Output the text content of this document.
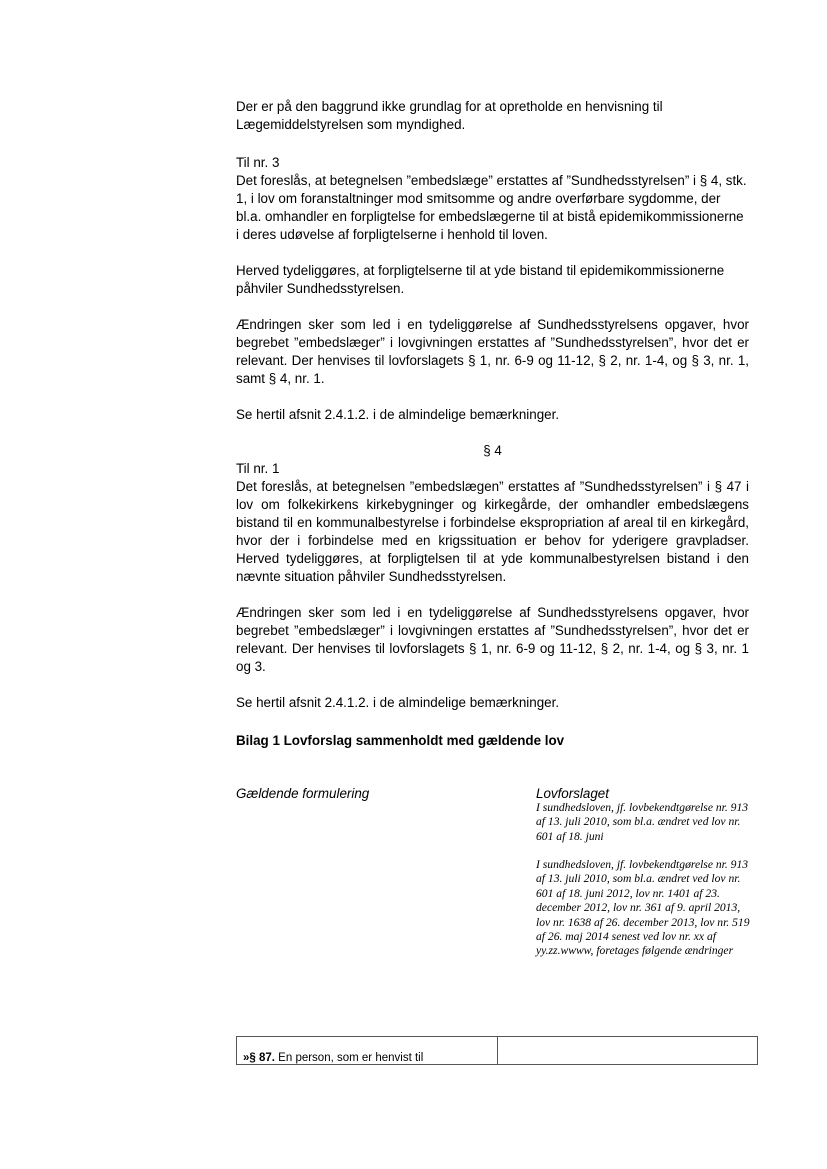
Der er på den baggrund ikke grundlag for at opretholde en henvisning til Lægemiddelstyrelsen som myndighed.

Til nr. 3

Det foreslås, at betegnelsen ”embedslæge” erstattes af ”Sundhedsstyrelsen” i § 4, stk. 1, i lov om foranstaltninger mod smitsomme og andre overførbare sygdomme, der bl.a. omhandler en forpligtelse for embedslægerne til at bistå epidemikommissionerne i deres udøvelse af forpligtelserne i henhold til loven.

Herved tydeliggøres, at forpligtelserne til at yde bistand til epidemikommissionerne påhviler Sundhedsstyrelsen.

Ændringen sker som led i en tydeliggørelse af Sundhedsstyrelsens opgaver, hvor begrebet ”embedslæger” i lovgivningen erstattes af ”Sundhedsstyrelsen”, hvor det er relevant. Der henvises til lovforslagets § 1, nr. 6-9 og 11-12, § 2, nr. 1-4, og § 3, nr. 1, samt § 4, nr. 1.

Se hertil afsnit 2.4.1.2. i de almindelige bemærkninger.

§ 4

Til nr. 1

Det foreslås, at betegnelsen ”embedslægen” erstattes af ”Sundhedsstyrelsen” i § 47 i lov om folkekirkens kirkebygninger og kirkegårde, der omhandler embedslægens bistand til en kommunalbestyrelse i forbindelse ekspropriation af areal til en kirkegård, hvor der i forbindelse med en krigssituation er behov for yderigere gravpladser. Herved tydeliggøres, at forpligtelsen til at yde kommunalbestyrelsen bistand i den nævnte situation påhviler Sundhedsstyrelsen.

Ændringen sker som led i en tydeliggørelse af Sundhedsstyrelsens opgaver, hvor begrebet ”embedslæger” i lovgivningen erstattes af ”Sundhedsstyrelsen”, hvor det er relevant. Der henvises til lovforslagets § 1, nr. 6-9 og 11-12, § 2, nr. 1-4, og § 3, nr. 1 og 3.

Se hertil afsnit 2.4.1.2. i de almindelige bemærkninger.

Bilag 1 Lovforslag sammenholdt med gældende lov
Gældende formulering	Lovforslaget

I sundhedsloven, jf. lovbekendtgørelse nr. 913 af 13. juli 2010, som bl.a. ændret ved lov nr. 601 af 18. juni

I sundhedsloven, jf. lovbekendtgørelse nr. 913 af 13. juli 2010, som bl.a. ændret ved lov nr. 601 af 18. juni 2012, lov nr. 1401 af 23. december 2012, lov nr. 361 af 9. april 2013, lov nr. 1638 af 26. december 2013, lov nr. 519 af 26. maj 2014 senest ved lov nr. xx af yy.zz.wwww, foretages følgende ændringer

»§ 87. En person, som er henvist til	
